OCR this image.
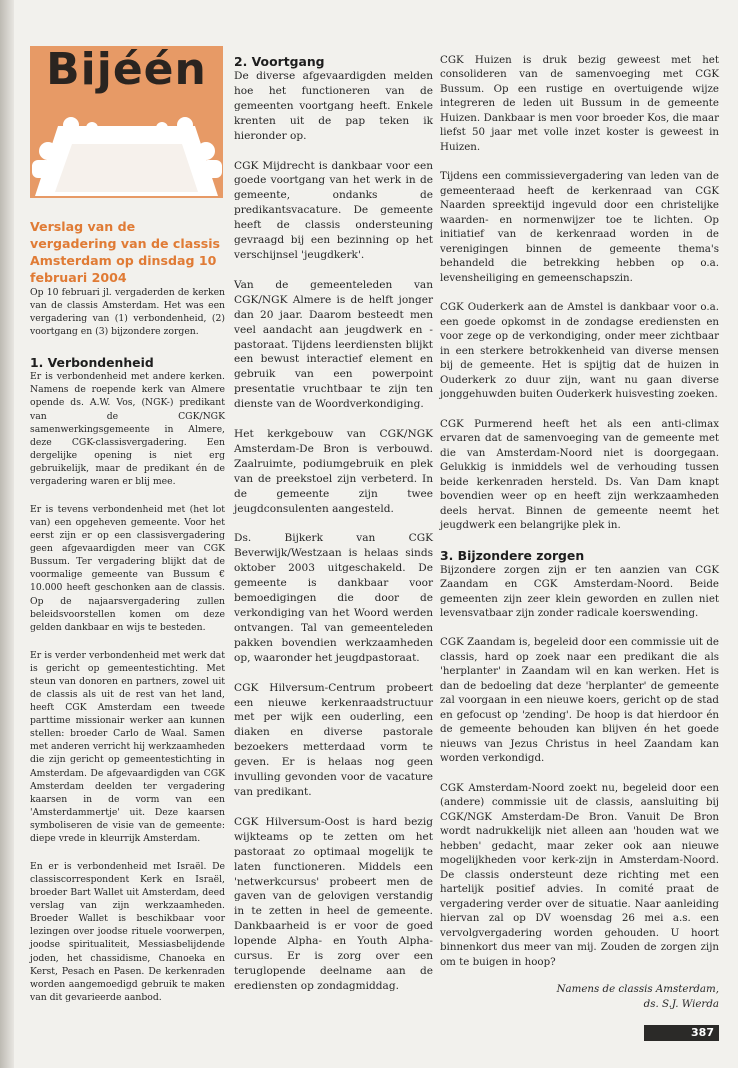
Bijéén
Verslag van de vergadering van de classis Amsterdam op dinsdag 10 februari 2004

Op 10 februari jl. vergaderden de kerken van de classis Amsterdam. Het was een vergadering van (1) verbondenheid, (2) voortgang en (3) bijzondere zorgen.

1. Verbondenheid

Er is verbondenheid met andere kerken. Namens de roepende kerk van Almere opende ds. A.W. Vos, (NGK-) predikant van de CGK/NGK samenwerkingsgemeente in Almere, deze CGK-classisvergadering. Een dergelijke opening is niet erg gebruikelijk, maar de predikant én de vergadering waren er blij mee.

Er is tevens verbondenheid met (het lot van) een opgeheven gemeente. Voor het eerst zijn er op een classisvergadering geen afgevaardigden meer van CGK Bussum. Ter vergadering blijkt dat de voormalige gemeente van Bussum € 10.000 heeft geschonken aan de classis. Op de najaarsvergadering zullen beleidsvoorstellen komen om deze gelden dankbaar en wijs te besteden.

Er is verder verbondenheid met werk dat is gericht op gemeentestichting. Met steun van donoren en partners, zowel uit de classis als uit de rest van het land, heeft CGK Amsterdam een tweede parttime missionair werker aan kunnen stellen: broeder Carlo de Waal. Samen met anderen verricht hij werkzaamheden die zijn gericht op gemeentestichting in Amsterdam. De afgevaardigden van CGK Amsterdam deelden ter vergadering kaarsen in de vorm van een 'Amsterdammertje' uit. Deze kaarsen symboliseren de visie van de gemeente: diepe vrede in kleurrijk Amsterdam.

En er is verbondenheid met Israël. De classiscorrespondent Kerk en Israël, broeder Bart Wallet uit Amsterdam, deed verslag van zijn werkzaamheden. Broeder Wallet is beschikbaar voor lezingen over joodse rituele voorwerpen, joodse spiritualiteit, Messiasbelijdende joden, het chassidisme, Chanoeka en Kerst, Pesach en Pasen. De kerkenraden worden aangemoedigd gebruik te maken van dit gevarieerde aanbod.

2. Voortgang

De diverse afgevaardigden melden hoe het functioneren van de gemeenten voortgang heeft. Enkele krenten uit de pap teken ik hieronder op.

CGK Mijdrecht is dankbaar voor een goede voortgang van het werk in de gemeente, ondanks de predikantsvacature. De gemeente heeft de classis ondersteuning gevraagd bij een bezinning op het verschijnsel 'jeugdkerk'.

Van de gemeenteleden van CGK/NGK Almere is de helft jonger dan 20 jaar. Daarom besteedt men veel aandacht aan jeugdwerk en -pastoraat. Tijdens leerdiensten blijkt een bewust interactief element en gebruik van een powerpoint presentatie vruchtbaar te zijn ten dienste van de Woordverkondiging.

Het kerkgebouw van CGK/NGK Amsterdam-De Bron is verbouwd. Zaalruimte, podiumgebruik en plek van de preekstoel zijn verbeterd. In de gemeente zijn twee jeugdconsulenten aangesteld.

Ds. Bijkerk van CGK Beverwijk/Westzaan is helaas sinds oktober 2003 uitgeschakeld. De gemeente is dankbaar voor bemoedigingen die door de verkondiging van het Woord werden ontvangen. Tal van gemeenteleden pakken bovendien werkzaamheden op, waaronder het jeugdpastoraat.

CGK Hilversum-Centrum probeert een nieuwe kerkenraadstructuur met per wijk een ouderling, een diaken en diverse pastorale bezoekers metterdaad vorm te geven. Er is helaas nog geen invulling gevonden voor de vacature van predikant.

CGK Hilversum-Oost is hard bezig wijkteams op te zetten om het pastoraat zo optimaal mogelijk te laten functioneren. Middels een 'netwerkcursus' probeert men de gaven van de gelovigen verstandig in te zetten in heel de gemeente. Dankbaarheid is er voor de goed lopende Alpha- en Youth Alpha-cursus. Er is zorg over een teruglopende deelname aan de erediensten op zondagmiddag.

CGK Huizen is druk bezig geweest met het consolideren van de samenvoeging met CGK Bussum. Op een rustige en overtuigende wijze integreren de leden uit Bussum in de gemeente Huizen. Dankbaar is men voor broeder Kos, die maar liefst 50 jaar met volle inzet koster is geweest in Huizen.

Tijdens een commissievergadering van leden van de gemeenteraad heeft de kerkenraad van CGK Naarden spreektijd ingevuld door een christelijke waarden- en normenwijzer toe te lichten. Op initiatief van de kerkenraad worden in de verenigingen binnen de gemeente thema's behandeld die betrekking hebben op o.a. levensheiliging en gemeenschapszin.

CGK Ouderkerk aan de Amstel is dankbaar voor o.a. een goede opkomst in de zondagse erediensten en voor zege op de verkondiging, onder meer zichtbaar in een sterkere betrokkenheid van diverse mensen bij de gemeente. Het is spijtig dat de huizen in Ouderkerk zo duur zijn, want nu gaan diverse jonggehuwden buiten Ouderkerk huisvesting zoeken.

CGK Purmerend heeft het als een anti-climax ervaren dat de samenvoeging van de gemeente met die van Amsterdam-Noord niet is doorgegaan. Gelukkig is inmiddels wel de verhouding tussen beide kerkenraden hersteld. Ds. Van Dam knapt bovendien weer op en heeft zijn werkzaamheden deels hervat. Binnen de gemeente neemt het jeugdwerk een belangrijke plek in.

3. Bijzondere zorgen

Bijzondere zorgen zijn er ten aanzien van CGK Zaandam en CGK Amsterdam-Noord. Beide gemeenten zijn zeer klein geworden en zullen niet levensvatbaar zijn zonder radicale koerswending.

CGK Zaandam is, begeleid door een commissie uit de classis, hard op zoek naar een predikant die als 'herplanter' in Zaandam wil en kan werken. Het is dan de bedoeling dat deze 'herplanter' de gemeente zal voorgaan in een nieuwe koers, gericht op de stad en gefocust op 'zending'. De hoop is dat hierdoor én de gemeente behouden kan blijven én het goede nieuws van Jezus Christus in heel Zaandam kan worden verkondigd.

CGK Amsterdam-Noord zoekt nu, begeleid door een (andere) commissie uit de classis, aansluiting bij CGK/NGK Amsterdam-De Bron. Vanuit De Bron wordt nadrukkelijk niet alleen aan 'houden wat we hebben' gedacht, maar zeker ook aan nieuwe mogelijkheden voor kerk-zijn in Amsterdam-Noord. De classis ondersteunt deze richting met een hartelijk positief advies. In comité praat de vergadering verder over de situatie. Naar aanleiding hiervan zal op DV woensdag 26 mei a.s. een vervolgvergadering worden gehouden. U hoort binnenkort dus meer van mij. Zouden de zorgen zijn om te buigen in hoop?

Namens de classis Amsterdam,
ds. S.J. Wierda

387
